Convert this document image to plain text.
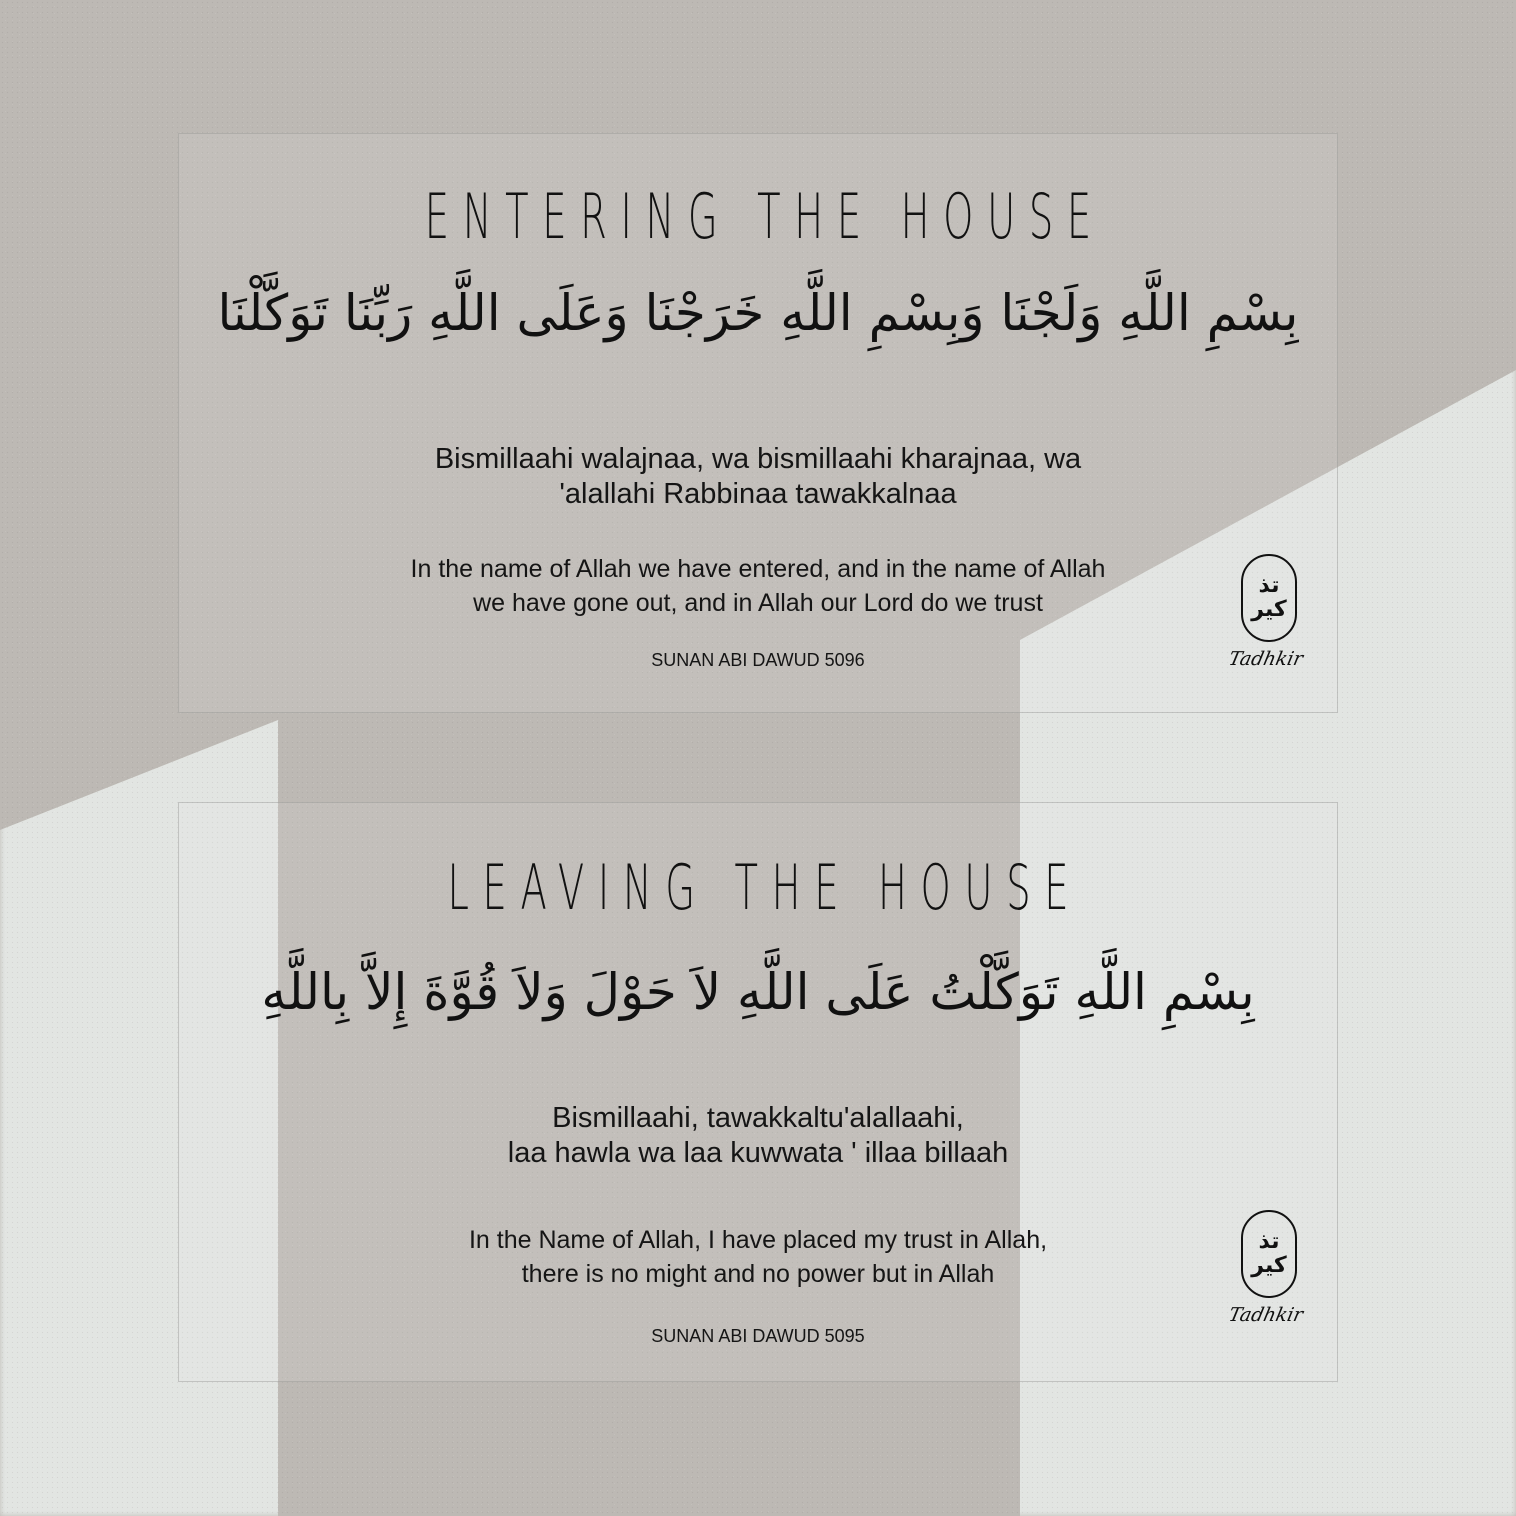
ENTERING THE HOUSE
بِسْمِ اللَّهِ وَلَجْنَا وَبِسْمِ اللَّهِ خَرَجْنَا وَعَلَى اللَّهِ رَبِّنَا تَوَكَّلْنَا
Bismillaahi walajnaa, wa bismillaahi kharajnaa, wa
'alallahi Rabbinaa tawakkalnaa
In the name of Allah we have entered, and in the name of Allah
we have gone out, and in Allah our Lord do we trust
SUNAN ABI DAWUD 5096
تذ
كير
Tadhkir
LEAVING THE HOUSE
بِسْمِ اللَّهِ تَوَكَّلْتُ عَلَى اللَّهِ لاَ حَوْلَ وَلاَ قُوَّةَ إِلاَّ بِاللَّهِ
Bismillaahi, tawakkaltu'alallaahi,
laa hawla wa laa kuwwata ' illaa billaah
In the Name of Allah, I have placed my trust in Allah,
there is no might and no power but in Allah
SUNAN ABI DAWUD 5095
تذ
كير
Tadhkir
